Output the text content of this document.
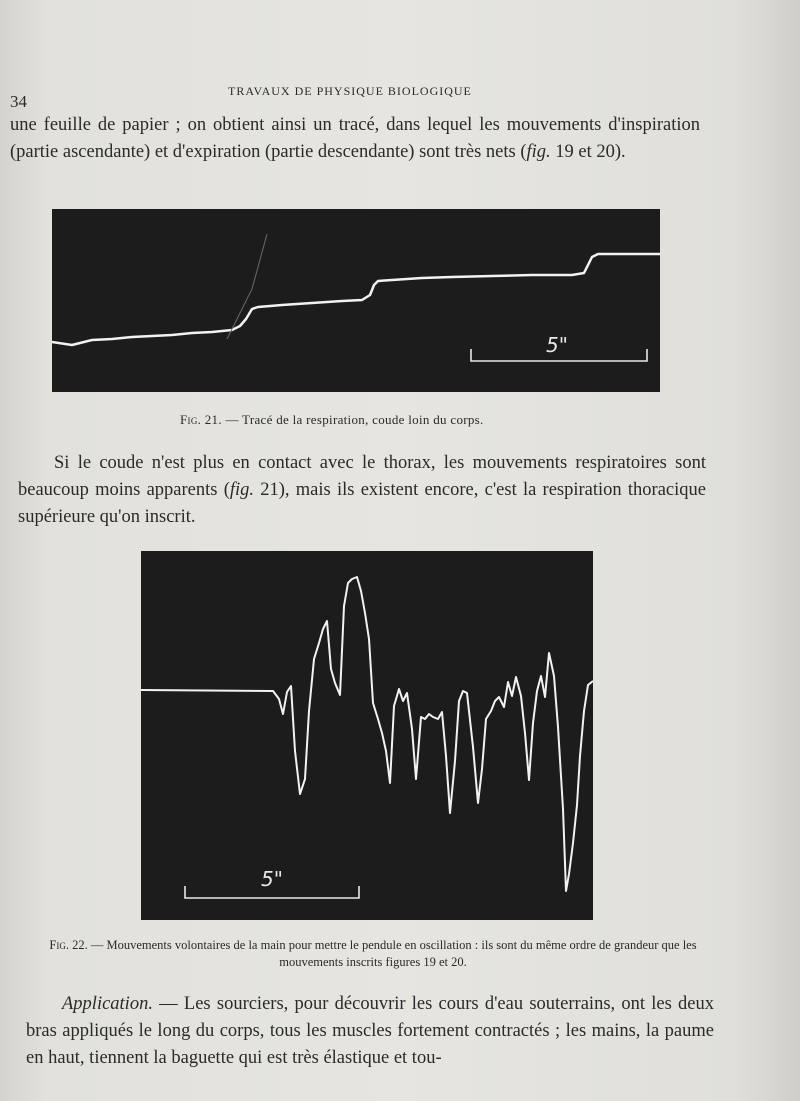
34
TRAVAUX DE PHYSIQUE BIOLOGIQUE
une feuille de papier ; on obtient ainsi un tracé, dans lequel les mouvements d'inspiration (partie ascendante) et d'expiration (partie descendante) sont très nets (fig. 19 et 20).
5"
Fig. 21. — Tracé de la respiration, coude loin du corps.
Si le coude n'est plus en contact avec le thorax, les mouvements respiratoires sont beaucoup moins apparents (fig. 21), mais ils existent encore, c'est la respiration thoracique supérieure qu'on inscrit.
5"
Fig. 22. — Mouvements volontaires de la main pour mettre le pendule en oscillation : ils sont du même ordre de grandeur que les mouvements inscrits figures 19 et 20.
Application. — Les sourciers, pour découvrir les cours d'eau souterrains, ont les deux bras appliqués le long du corps, tous les muscles fortement contractés ; les mains, la paume en haut, tiennent la baguette qui est très élastique et tou-
